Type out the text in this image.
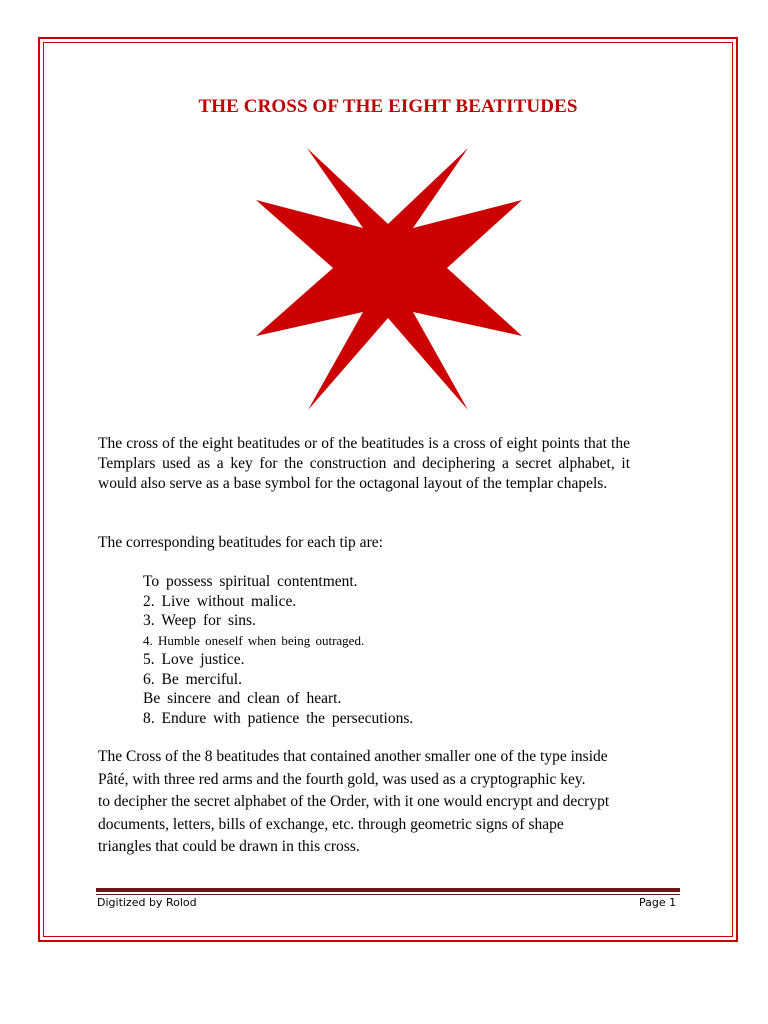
THE CROSS OF THE EIGHT BEATITUDES

The cross of the eight beatitudes or of the beatitudes is a cross of eight points that the Templars used as a key for the construction and deciphering a secret alphabet, it would also serve as a base symbol for the octagonal layout of the templar chapels.

The corresponding beatitudes for each tip are:

To possess spiritual contentment.
2. Live without malice.
3. Weep for sins.
4. Humble oneself when being outraged.
5. Love justice.
6. Be merciful.
Be sincere and clean of heart.
8. Endure with patience the persecutions.
The Cross of the 8 beatitudes that contained another smaller one of the type inside
Pâté, with three red arms and the fourth gold, was used as a cryptographic key.
to decipher the secret alphabet of the Order, with it one would encrypt and decrypt
documents, letters, bills of exchange, etc. through geometric signs of shape
triangles that could be drawn in this cross.
Digitized by Rolod	Page 1
